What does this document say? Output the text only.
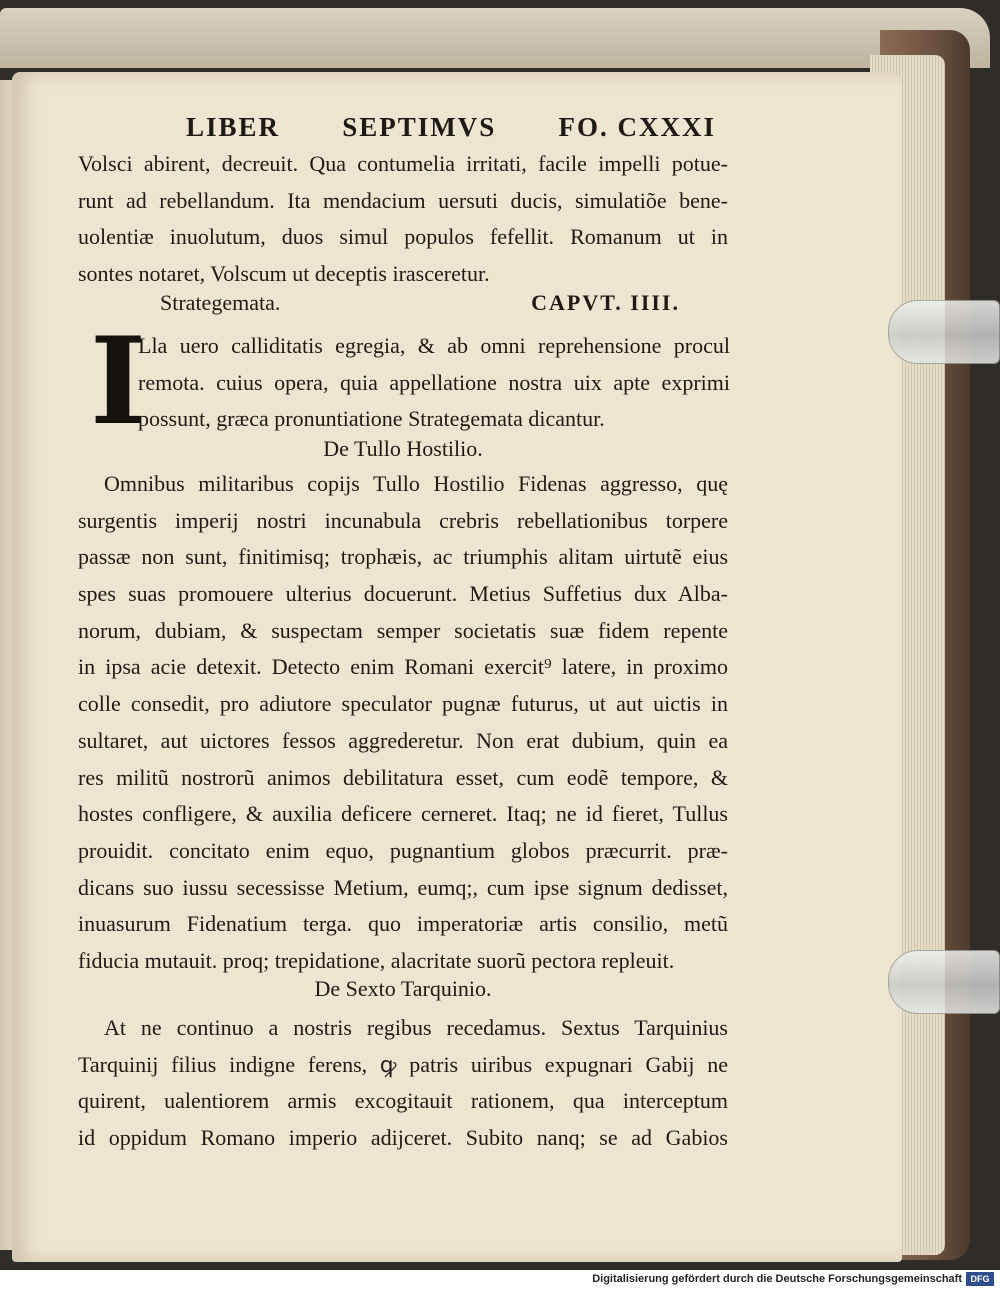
LIBER SEPTIMVS FO. CXXXI
Volsci abirent, decreuit. Qua contumelia irritati, facile impelli potue-
runt ad rebellandum. Ita mendacium uersuti ducis, simulatiõe bene-
uolentiæ inuolutum, duos simul populos fefellit. Romanum ut in
sontes notaret, Volscum ut deceptis irasceretur.
Strategemata.	CAPVT. IIII.
I
Lla uero calliditatis egregia, & ab omni reprehensione procul
remota. cuius opera, quia appellatione nostra uix apte exprimi
possunt, græca pronuntiatione Strategemata dicantur.
De Tullo Hostilio.
Omnibus militaribus copijs Tullo Hostilio Fidenas aggresso, quę
surgentis imperij nostri incunabula crebris rebellationibus torpere
passæ non sunt, finitimisq; trophæis, ac triumphis alitam uirtutẽ eius
spes suas promouere ulterius docuerunt. Metius Suffetius dux Alba-
norum, dubiam, & suspectam semper societatis suæ fidem repente
in ipsa acie detexit. Detecto enim Romani exercit⁹ latere, in proximo
colle consedit, pro adiutore speculator pugnæ futurus, ut aut uictis in
sultaret, aut uictores fessos aggrederetur. Non erat dubium, quin ea
res militũ nostrorũ animos debilitatura esset, cum eodẽ tempore, &
hostes confligere, & auxilia deficere cerneret. Itaq; ne id fieret, Tullus
prouidit. concitato enim equo, pugnantium globos præcurrit. præ-
dicans suo iussu secessisse Metium, eumq;, cum ipse signum dedisset,
inuasurum Fidenatium terga. quo imperatoriæ artis consilio, metũ
fiducia mutauit. proq; trepidatione, alacritate suorũ pectora repleuit.
De Sexto Tarquinio.
At ne continuo a nostris regibus recedamus. Sextus Tarquinius
Tarquinij filius indigne ferens, ꝙ patris uiribus expugnari Gabij ne
quirent, ualentiorem armis excogitauit rationem, qua interceptum
id oppidum Romano imperio adijceret. Subito nanq; se ad Gabios
Digitalisierung gefördert durch die Deutsche Forschungsgemeinschaft DFG
